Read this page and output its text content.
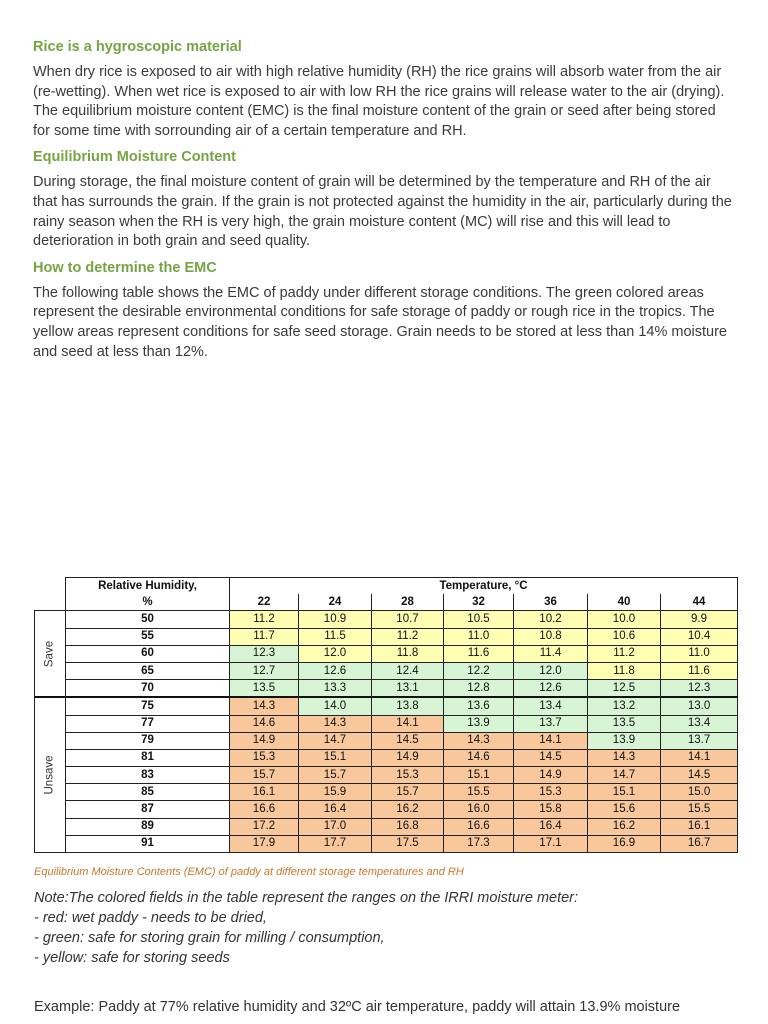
Rice is a hygroscopic material

When dry rice is exposed to air with high relative humidity (RH) the rice grains will absorb water from the air (re-wetting). When wet rice is exposed to air with low RH the rice grains will release water to the air (drying). The equilibrium moisture content (EMC) is the final moisture content of the grain or seed after being stored for some time with sorrounding air of a certain temperature and RH.

Equilibrium Moisture Content

During storage, the final moisture content of grain will be determined by the temperature and RH of the air that has surrounds the grain. If the grain is not protected against the humidity in the air, particularly during the rainy season when the RH is very high, the grain moisture content (MC) will rise and this will lead to deterioration in both grain and seed quality.

How to determine the EMC

The following table shows the EMC of paddy under different storage conditions. The green colored areas represent the desirable environmental conditions for safe storage of paddy or rough rice in the tropics. The yellow areas represent conditions for safe seed storage. Grain needs to be stored at less than 14% moisture and seed at less than 12%.

	Relative Humidity,	Temperature, °C						
	%	22	24	28	32	36	40	44

Save	50	11.2	10.9	10.7	10.5	10.2	10.0	9.9
	55	11.7	11.5	11.2	11.0	10.8	10.6	10.4
	60	12.3	12.0	11.8	11.6	11.4	11.2	11.0
	65	12.7	12.6	12.4	12.2	12.0	11.8	11.6
	70	13.5	13.3	13.1	12.8	12.6	12.5	12.3

Unsave	75	14.3	14.0	13.8	13.6	13.4	13.2	13.0
	77	14.6	14.3	14.1	13.9	13.7	13.5	13.4
	79	14.9	14.7	14.5	14.3	14.1	13.9	13.7
	81	15.3	15.1	14.9	14.6	14.5	14.3	14.1
	83	15.7	15.7	15.3	15.1	14.9	14.7	14.5
	85	16.1	15.9	15.7	15.5	15.3	15.1	15.0
	87	16.6	16.4	16.2	16.0	15.8	15.6	15.5
	89	17.2	17.0	16.8	16.6	16.4	16.2	16.1
	91	17.9	17.7	17.5	17.3	17.1	16.9	16.7
Equilibrium Moisture Contents (EMC) of paddy at different storage temperatures and RH
Note:The colored fields in the table represent the ranges on the IRRI moisture meter:
- red: wet paddy - needs to be dried,
- green: safe for storing grain for milling / consumption,
- yellow: safe for storing seeds
Example: Paddy at 77% relative humidity and 32ºC air temperature, paddy will attain 13.9% moisture
